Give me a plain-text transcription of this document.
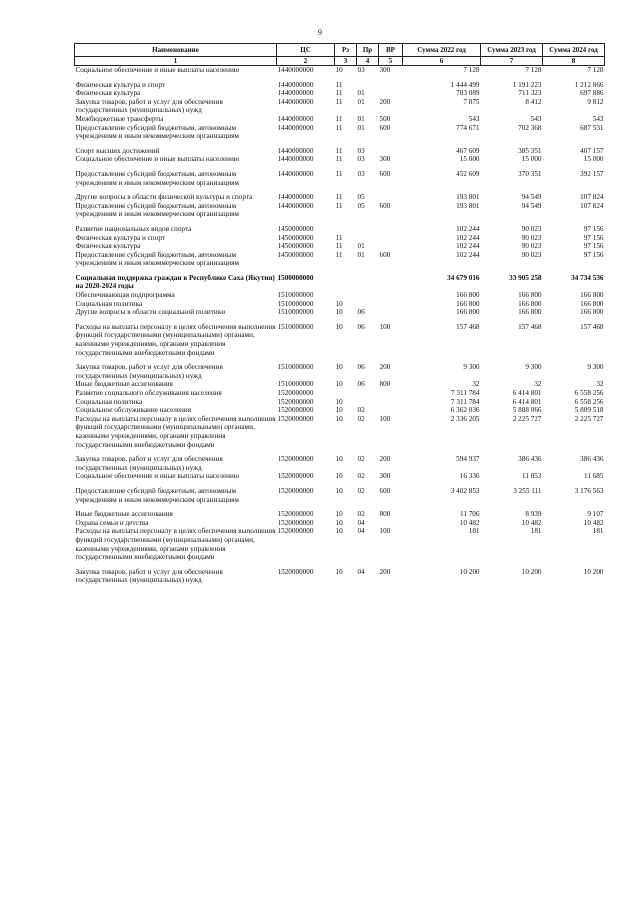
9
Наименование	ЦС	Рз	Пр	ВР	Сумма 2022 год	Сумма 2023 год	Сумма 2024 год
1	2	3	4	5	6	7	8
Социальное обеспечение и иные выплаты населению	1440000000	10	03	300	7 128	7 128	7 128

Физическая культура и спорт	1440000000	11			1 444 499	1 191 223	1 212 866
Физическая культура	1440000000	11	01		783 089	711 323	697 886
Закупка товаров, работ и услуг для обеспечения государственных (муниципальных) нужд	1440000000	11	01	200	7 875	8 412	9 812
Межбюджетные трансферты	1440000000	11	01	500	543	543	543
Предоставление субсидий бюджетным, автономным учреждениям и иным некоммерческим организациям	1440000000	11	01	600	774 671	702 368	687 531

Спорт высших достижений	1440000000	11	03		467 609	385 351	407 157
Социальное обеспечение и иные выплаты населению	1440000000	11	03	300	15 000	15 000	15 000

Предоставление субсидий бюджетным, автономным учреждениям и иным некоммерческим организациям	1440000000	11	03	600	452 609	370 351	392 157

Другие вопросы в области физической культуры и спорта	1440000000	11	05		193 801	94 549	107 824
Предоставление субсидий бюджетным, автономным учреждениям и иным некоммерческим организациям	1440000000	11	05	600	193 801	94 549	107 824

Развитие национальных видов спорта	1450000000				102 244	90 023	97 156
Физическая культура и спорт	1450000000	11			102 244	90 023	97 156
Физическая культура	1450000000	11	01		102 244	90 023	97 156
Предоставление субсидий бюджетным, автономным учреждениям и иным некоммерческим организациям	1450000000	11	01	600	102 244	90 023	97 156

Социальная поддержка граждан в Республике Саха (Якутия) на 2020-2024 годы	1500000000				34 679 016	33 905 258	34 734 536
Обеспечивающая подпрограмма	1510000000				166 800	166 800	166 800
Социальная политика	1510000000	10			166 800	166 800	166 800
Другие вопросы в области социальной политики	1510000000	10	06		166 800	166 800	166 800

Расходы на выплаты персоналу в целях обеспечения выполнения функций государственными (муниципальными) органами, казенными учреждениями, органами управления государственными внебюджетными фондами	1510000000	10	06	100	157 468	157 468	157 468

Закупка товаров, работ и услуг для обеспечения государственных (муниципальных) нужд	1510000000	10	06	200	9 300	9 300	9 300
Иные бюджетные ассигнования	1510000000	10	06	800	32	32	32
Развитие социального обслуживания населения	1520000000				7 311 784	6 414 801	6 558 256
Социальная политика	1520000000	10			7 311 784	6 414 801	6 558 256
Социальное обслуживание населения	1520000000	10	02		6 362 036	5 888 066	5 809 518
Расходы на выплаты персоналу в целях обеспечения выполнения функций государственными (муниципальными) органами, казенными учреждениями, органами управления государственными внебюджетными фондами	1520000000	10	02	100	2 336 205	2 225 727	2 225 727

Закупка товаров, работ и услуг для обеспечения государственных (муниципальных) нужд	1520000000	10	02	200	594 937	386 436	386 436
Социальное обеспечение и иные выплаты населению	1520000000	10	02	300	16 336	11 853	11 685

Предоставление субсидий бюджетным, автономным учреждениям и иным некоммерческим организациям	1520000000	10	02	600	3 402 853	3 255 111	3 176 563

Иные бюджетные ассигнования	1520000000	10	02	800	11 706	8 939	9 107
Охрана семьи и детства	1520000000	10	04		10 482	10 482	10 482
Расходы на выплаты персоналу в целях обеспечения выполнения функций государственными (муниципальными) органами, казенными учреждениями, органами управления государственными внебюджетными фондами	1520000000	10	04	100	181	181	181

Закупка товаров, работ и услуг для обеспечения государственных (муниципальных) нужд	1520000000	10	04	200	10 200	10 200	10 200
